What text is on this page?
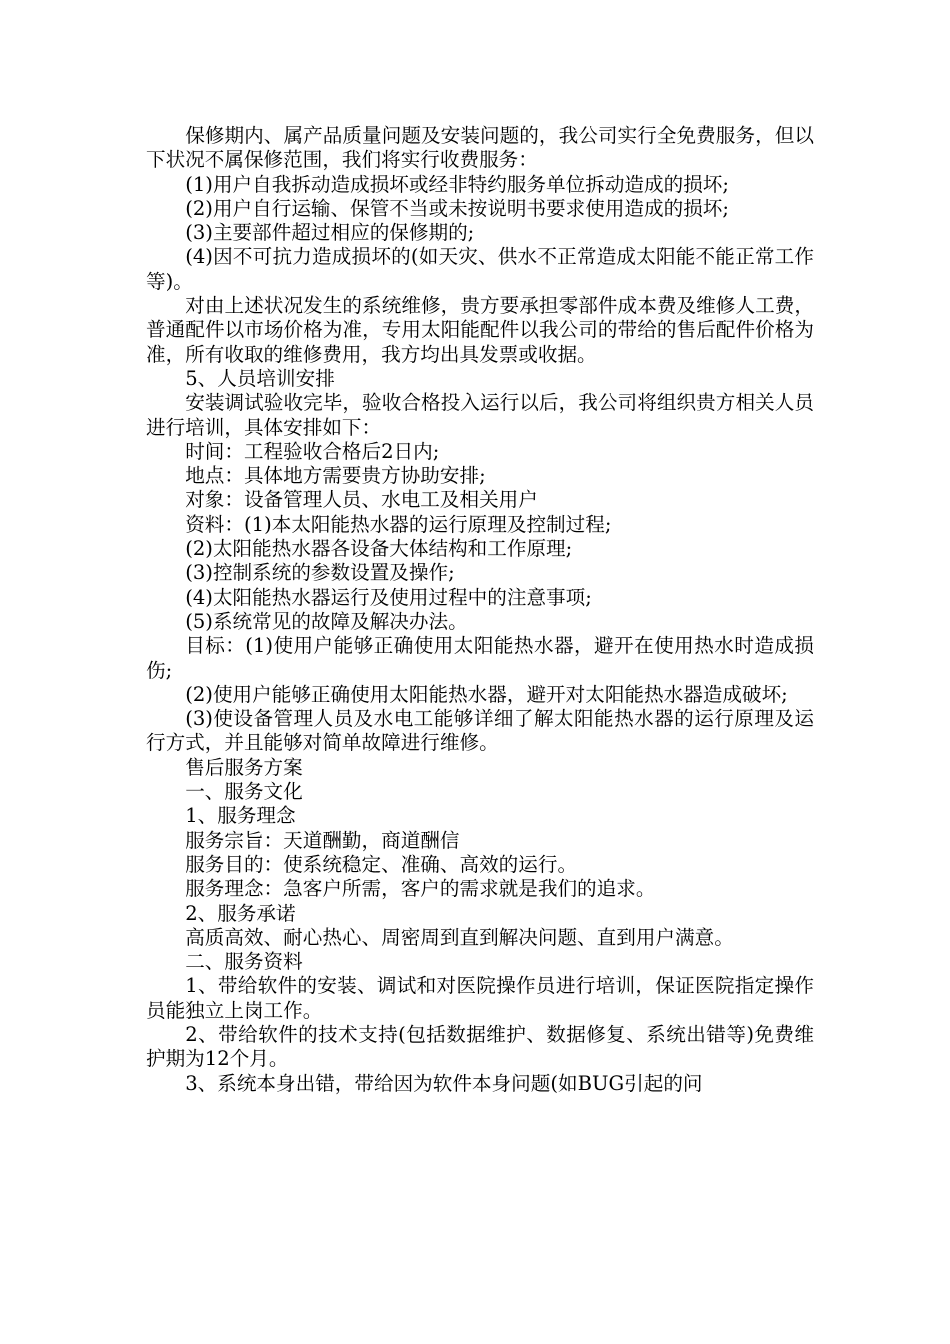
保修期内、属产品质量问题及安装问题的，我公司实行全免费服务，但以下状况不属保修范围，我们将实行收费服务：

(1)用户自我拆动造成损坏或经非特约服务单位拆动造成的损坏;

(2)用户自行运输、保管不当或未按说明书要求使用造成的损坏;

(3)主要部件超过相应的保修期的;

(4)因不可抗力造成损坏的(如天灾、供水不正常造成太阳能不能正常工作等)。

对由上述状况发生的系统维修，贵方要承担零部件成本费及维修人工费，普通配件以市场价格为准，专用太阳能配件以我公司的带给的售后配件价格为准，所有收取的维修费用，我方均出具发票或收据。

5、人员培训安排

安装调试验收完毕，验收合格投入运行以后，我公司将组织贵方相关人员进行培训，具体安排如下：

时间：工程验收合格后2日内;

地点：具体地方需要贵方协助安排;

对象：设备管理人员、水电工及相关用户

资料：(1)本太阳能热水器的运行原理及控制过程;

(2)太阳能热水器各设备大体结构和工作原理;

(3)控制系统的参数设置及操作;

(4)太阳能热水器运行及使用过程中的注意事项;

(5)系统常见的故障及解决办法。

目标：(1)使用户能够正确使用太阳能热水器，避开在使用热水时造成损伤;

(2)使用户能够正确使用太阳能热水器，避开对太阳能热水器造成破坏;

(3)使设备管理人员及水电工能够详细了解太阳能热水器的运行原理及运行方式，并且能够对简单故障进行维修。

售后服务方案

一、服务文化

1、服务理念

服务宗旨：天道酬勤，商道酬信

服务目的：使系统稳定、准确、高效的运行。

服务理念：急客户所需，客户的需求就是我们的追求。

2、服务承诺

高质高效、耐心热心、周密周到直到解决问题、直到用户满意。

二、服务资料

1、带给软件的安装、调试和对医院操作员进行培训，保证医院指定操作员能独立上岗工作。

2、带给软件的技术支持(包括数据维护、数据修复、系统出错等)免费维护期为12个月。

3、系统本身出错，带给因为软件本身问题(如BUG引起的问
